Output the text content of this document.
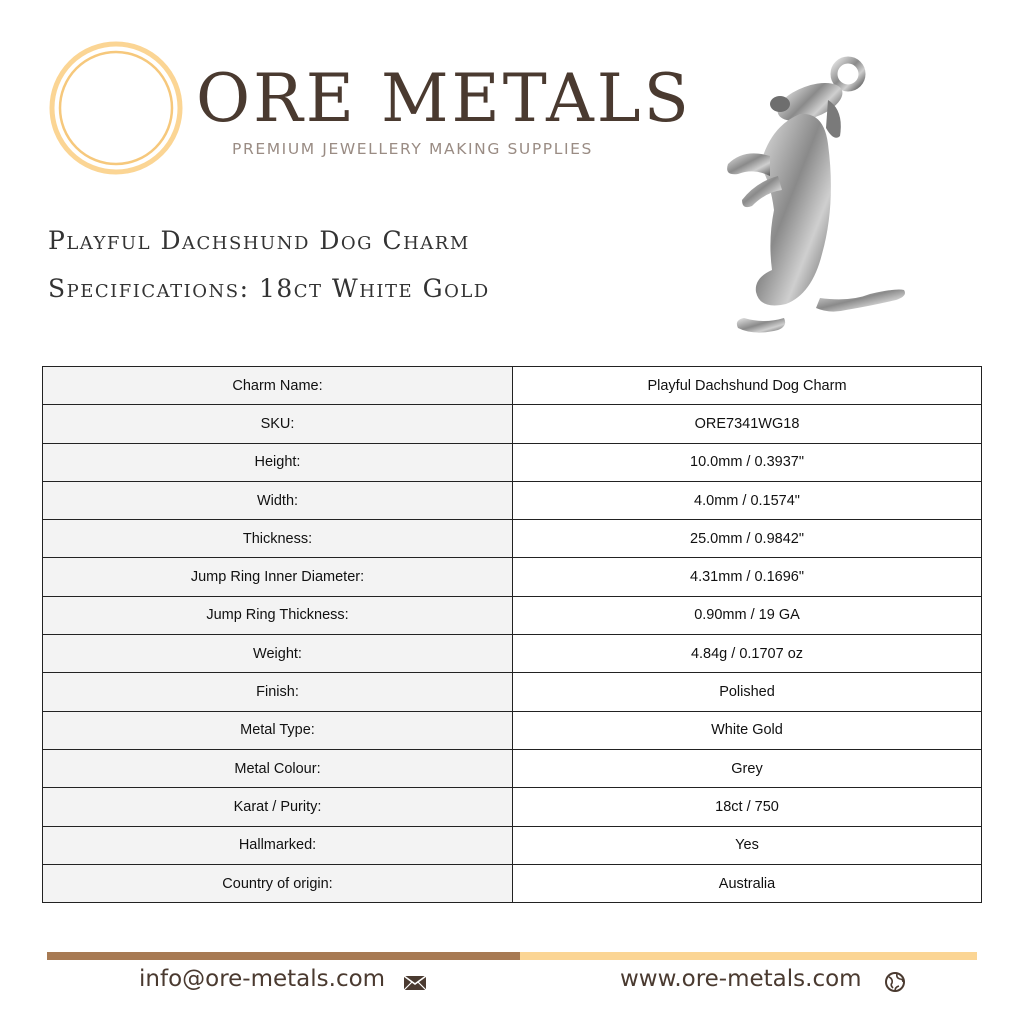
ORE METALS
PREMIUM JEWELLERY MAKING SUPPLIES
Playful Dachshund Dog Charm
Specifications: 18ct White Gold
Charm Name:	Playful Dachshund Dog Charm
SKU:	ORE7341WG18
Height:	10.0mm / 0.3937"
Width:	4.0mm / 0.1574"
Thickness:	25.0mm / 0.9842"
Jump Ring Inner Diameter:	4.31mm / 0.1696"
Jump Ring Thickness:	0.90mm / 19 GA
Weight:	4.84g / 0.1707 oz
Finish:	Polished
Metal Type:	White Gold
Metal Colour:	Grey
Karat / Purity:	18ct / 750
Hallmarked:	Yes
Country of origin:	Australia
info@ore-metals.com	www.ore-metals.com
